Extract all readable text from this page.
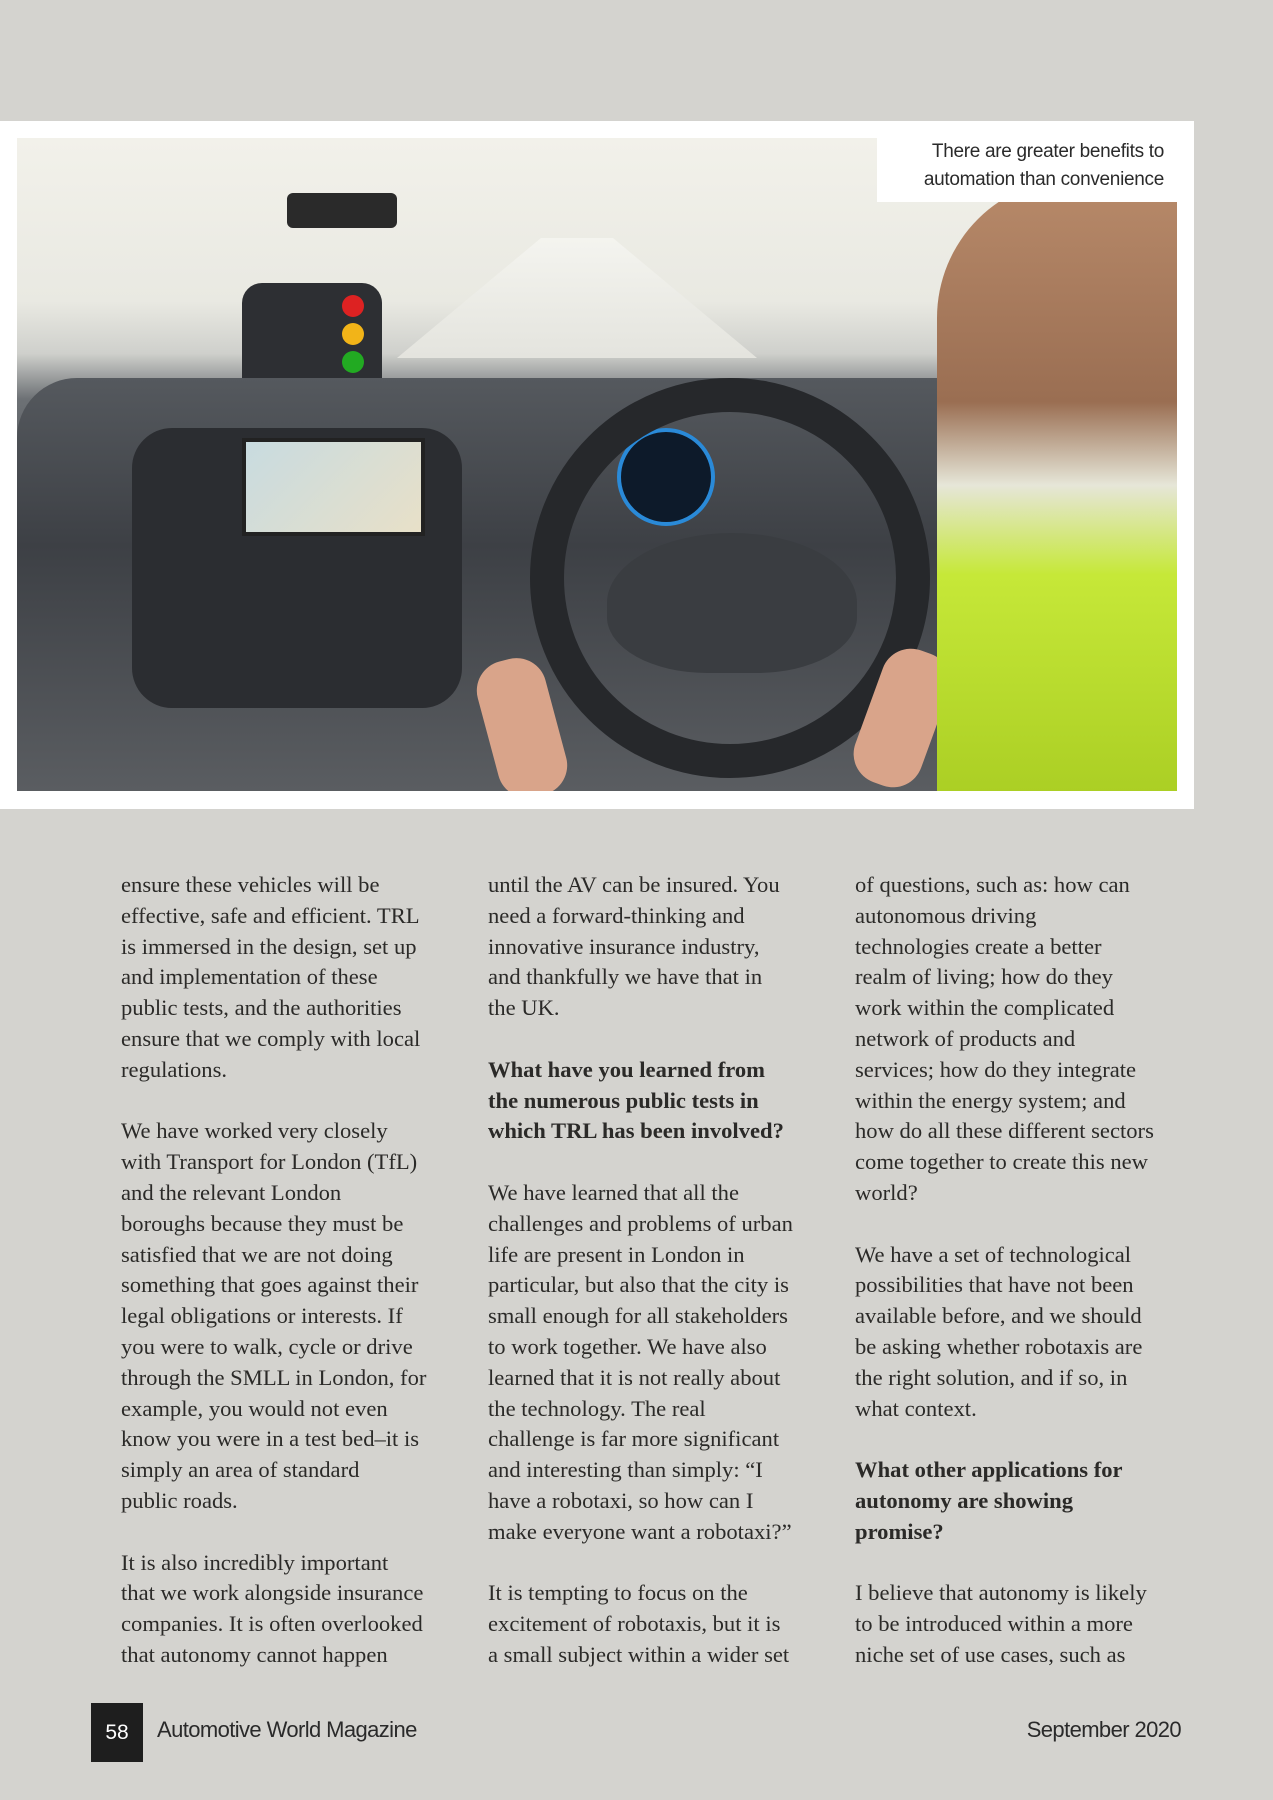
There are greater benefits to
automation than convenience
ensure these vehicles will be
effective, safe and efficient. TRL
is immersed in the design, set up
and implementation of these
public tests, and the authorities
ensure that we comply with local
regulations.
We have worked very closely
with Transport for London (TfL)
and the relevant London
boroughs because they must be
satisfied that we are not doing
something that goes against their
legal obligations or interests. If
you were to walk, cycle or drive
through the SMLL in London, for
example, you would not even
know you were in a test bed–it is
simply an area of standard
public roads.
It is also incredibly important
that we work alongside insurance
companies. It is often overlooked
that autonomy cannot happen
until the AV can be insured. You
need a forward-thinking and
innovative insurance industry,
and thankfully we have that in
the UK.
What have you learned from
the numerous public tests in
which TRL has been involved?
We have learned that all the
challenges and problems of urban
life are present in London in
particular, but also that the city is
small enough for all stakeholders
to work together. We have also
learned that it is not really about
the technology. The real
challenge is far more significant
and interesting than simply: “I
have a robotaxi, so how can I
make everyone want a robotaxi?”
It is tempting to focus on the
excitement of robotaxis, but it is
a small subject within a wider set
of questions, such as: how can
autonomous driving
technologies create a better
realm of living; how do they
work within the complicated
network of products and
services; how do they integrate
within the energy system; and
how do all these different sectors
come together to create this new
world?
We have a set of technological
possibilities that have not been
available before, and we should
be asking whether robotaxis are
the right solution, and if so, in
what context.
What other applications for
autonomy are showing
promise?
I believe that autonomy is likely
to be introduced within a more
niche set of use cases, such as
58	Automotive World Magazine	September 2020
